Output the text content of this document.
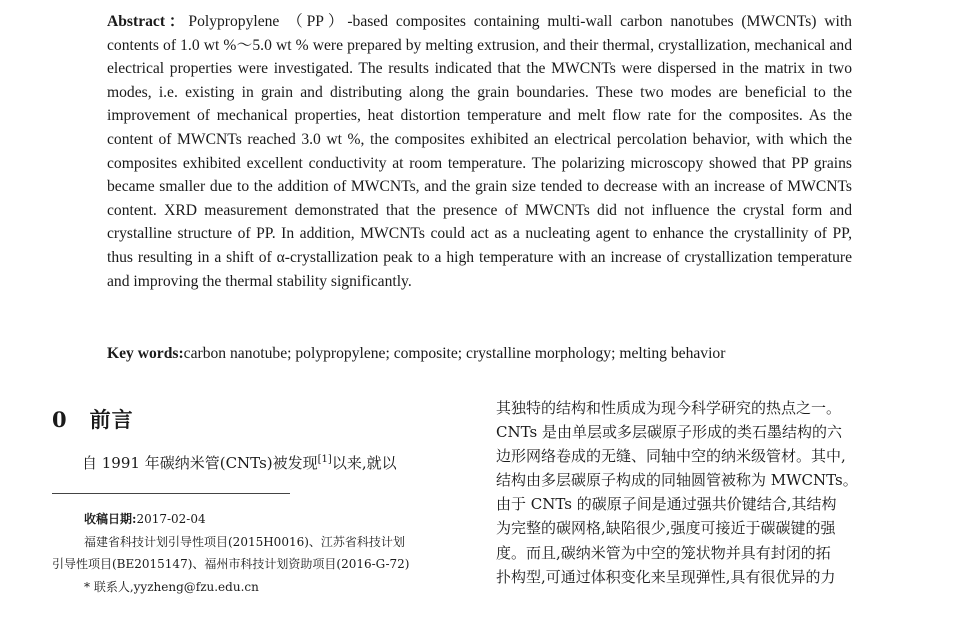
Abstract：Polypropylene （PP）-based composites containing multi-wall carbon nanotubes (MWCNTs) with contents of 1.0 wt %～5.0 wt % were prepared by melting extrusion, and their thermal, crystallization, mechanical and electrical properties were investigated. The results indicated that the MWCNTs were dispersed in the matrix in two modes, i.e. existing in grain and distributing along the grain boundaries. These two modes are beneficial to the improvement of mechanical properties, heat distortion temperature and melt flow rate for the composites. As the content of MWCNTs reached 3.0 wt %, the composites exhibited an electrical percolation behavior, with which the composites exhibited excellent conductivity at room temperature. The polarizing microscopy showed that PP grains became smaller due to the addition of MWCNTs, and the grain size tended to decrease with an increase of MWCNTs content. XRD measurement demonstrated that the presence of MWCNTs did not influence the crystal form and crystalline structure of PP. In addition, MWCNTs could act as a nucleating agent to enhance the crystallinity of PP, thus resulting in a shift of α-crystallization peak to a high temperature with an increase of crystallization temperature and improving the thermal stability significantly.
Key words:carbon nanotube; polypropylene; composite; crystalline morphology; melting behavior
0 前言
自 1991 年碳纳米管(CNTs)被发现[1]以来,就以
收稿日期:2017-02-04
福建省科技计划引导性项目(2015H0016)、江苏省科技计划
引导性项目(BE2015147)、福州市科技计划资助项目(2016-G-72)
* 联系人,yyzheng@fzu.edu.cn
其独特的结构和性质成为现今科学研究的热点之一。
CNTs 是由单层或多层碳原子形成的类石墨结构的六
边形网络卷成的无缝、同轴中空的纳米级管材。其中,
结构由多层碳原子构成的同轴圆管被称为 MWCNTs。
由于 CNTs 的碳原子间是通过强共价键结合,其结构
为完整的碳网格,缺陷很少,强度可接近于碳碳键的强
度。而且,碳纳米管为中空的笼状物并具有封闭的拓
扑构型,可通过体积变化来呈现弹性,具有很优异的力
